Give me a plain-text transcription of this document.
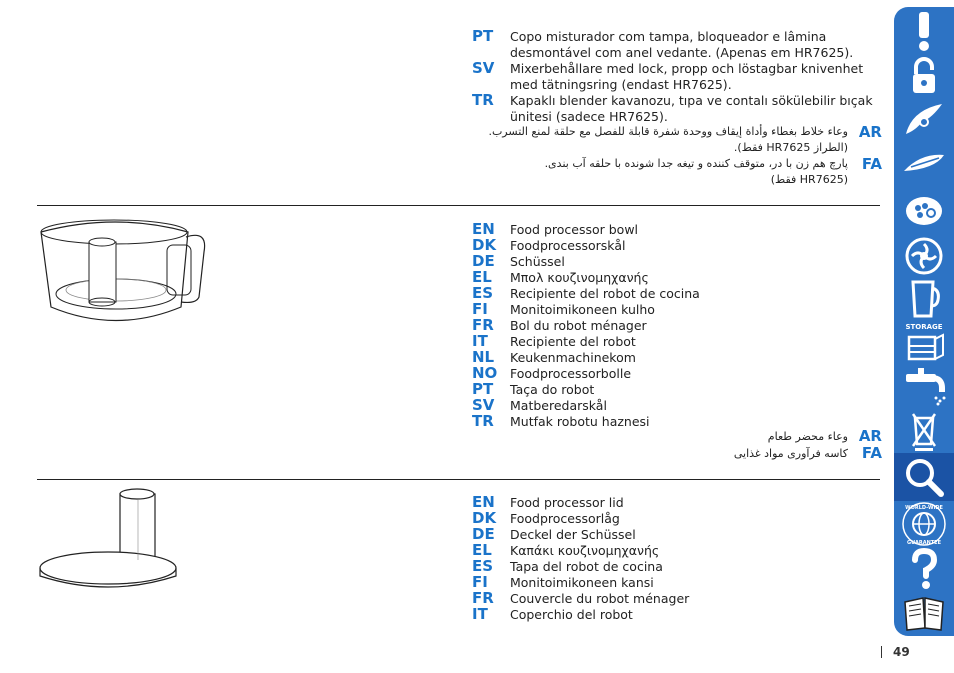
PT	Copo misturador com tampa, bloqueador e lâmina desmontável com anel vedante. (Apenas em HR7625).
SV	Mixerbehållare med lock, propp och löstagbar knivenhet med tätningsring (endast HR7625).
TR	Kapaklı blender kavanozu, tıpa ve contalı sökülebilir bıçak ünitesi (sadece HR7625).
AR
وعاء خلاط بغطاء وأداة إيقاف ووحدة شفرة قابلة للفصل مع حلقة لمنع التسرب.
(الطراز HR7625 فقط).
FA
پارچ هم زن با در، متوقف کننده و تیغه جدا شونده با حلقه آب بندی.
(HR7625 فقط)
EN	Food processor bowl
DK	Foodprocessorskål
DE	Schüssel
EL	Μπολ κουζινομηχανής
ES	Recipiente del robot de cocina
FI	Monitoimikoneen kulho
FR	Bol du robot ménager
IT	Recipiente del robot
NL	Keukenmachinekom
NO	Foodprocessorbolle
PT	Taça do robot
SV	Matberedarskål
TR	Mutfak robotu haznesi
AR
وعاء محضر طعام
FA
کاسه فرآوری مواد غذایی
EN	Food processor lid
DK	Foodprocessorlåg
DE	Deckel der Schüssel
EL	Καπάκι κουζινομηχανής
ES	Tapa del robot de cocina
FI	Monitoimikoneen kansi
FR	Couvercle du robot ménager
IT	Coperchio del robot
STORAGE
WORLD-WIDE
GUARANTEE
49
